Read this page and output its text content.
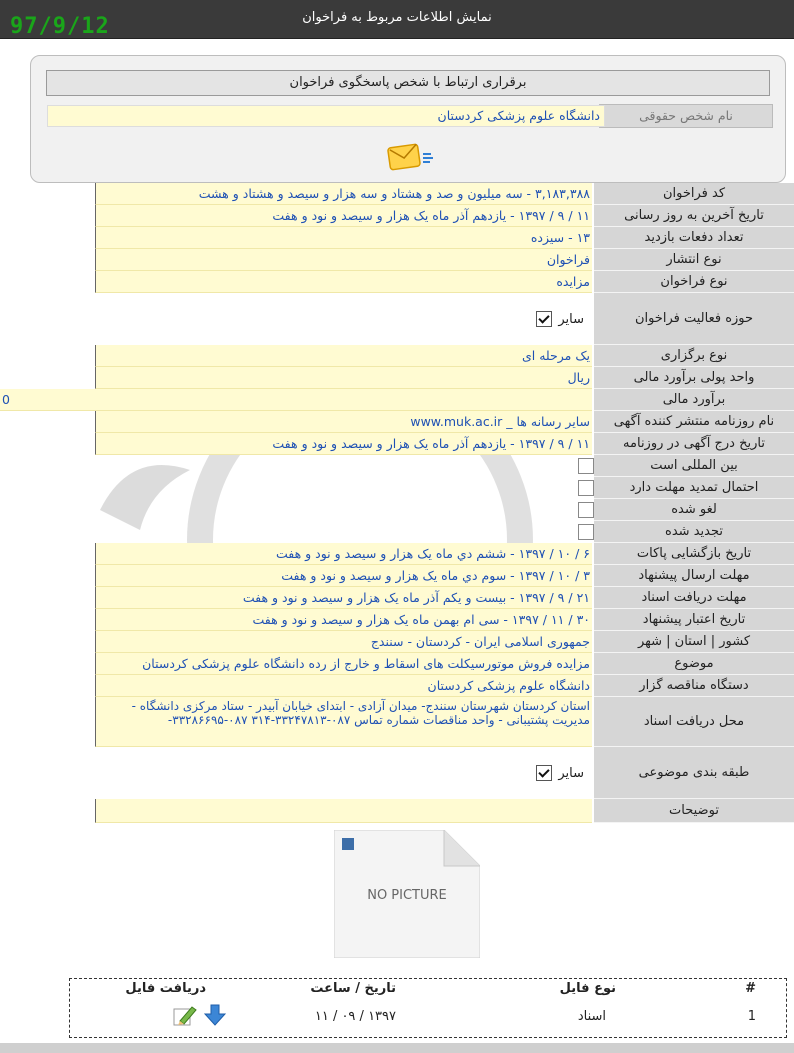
نمایش اطلاعات مربوط به فراخوان
97/9/12
برقراری ارتباط با شخص پاسخگوی فراخوان
نام شخص حقوقی
دانشگاه علوم پزشکی کردستان
کد فراخوان
۳,۱۸۳,۳۸۸ - سه میلیون و صد و هشتاد و سه هزار و سیصد و هشتاد و هشت
تاریخ آخرین به روز رسانی
۱۱ / ۹ / ۱۳۹۷ - یازدهم آذر ماه یک هزار و سیصد و نود و هفت
تعداد دفعات بازدید
۱۳ - سیزده
نوع انتشار
فراخوان
نوع فراخوان
مزایده
حوزه فعالیت فراخوان
سایر
نوع برگزاری
یک مرحله ای
واحد پولی برآورد مالی
ریال
برآورد مالی
0
نام روزنامه منتشر کننده آگهی
سایر رسانه ها _ www.muk.ac.ir
تاریخ درج آگهی در روزنامه
۱۱ / ۹ / ۱۳۹۷ - یازدهم آذر ماه یک هزار و سیصد و نود و هفت
بین المللی است
احتمال تمدید مهلت دارد
لغو شده
تجدید شده
تاریخ بازگشایی پاکات
۶ / ۱۰ / ۱۳۹۷ - ششم دي ماه یک هزار و سیصد و نود و هفت
مهلت ارسال پیشنهاد
۳ / ۱۰ / ۱۳۹۷ - سوم دي ماه یک هزار و سیصد و نود و هفت
مهلت دریافت اسناد
۲۱ / ۹ / ۱۳۹۷ - بیست و یکم آذر ماه یک هزار و سیصد و نود و هفت
تاریخ اعتبار پیشنهاد
۳۰ / ۱۱ / ۱۳۹۷ - سی ام بهمن ماه یک هزار و سیصد و نود و هفت
کشور | استان | شهر
جمهوری اسلامی ایران - کردستان - سنندج
موضوع
مزایده فروش موتورسیکلت های اسقاط و خارج از رده دانشگاه علوم پزشکی کردستان
دستگاه مناقصه گزار
دانشگاه علوم پزشکی کردستان
محل دریافت اسناد
استان کردستان شهرستان سنندج- میدان آزادی - ابتدای خیابان آبیدر - ستاد مرکزی دانشگاه - مدیریت پشتیبانی - واحد مناقصات شماره تماس ۰۸۷-۳۳۲۴۷۸۱۳-۳۱۴ ۰۸۷-۳۳۲۸۶۶۹۵-
طبقه بندی موضوعی
سایر
توضیحات
NO PICTURE
#
نوع فایل
تاریخ / ساعت
دریافت فایل
1
اسناد
۱۱ / ۰۹ / ۱۳۹۷
